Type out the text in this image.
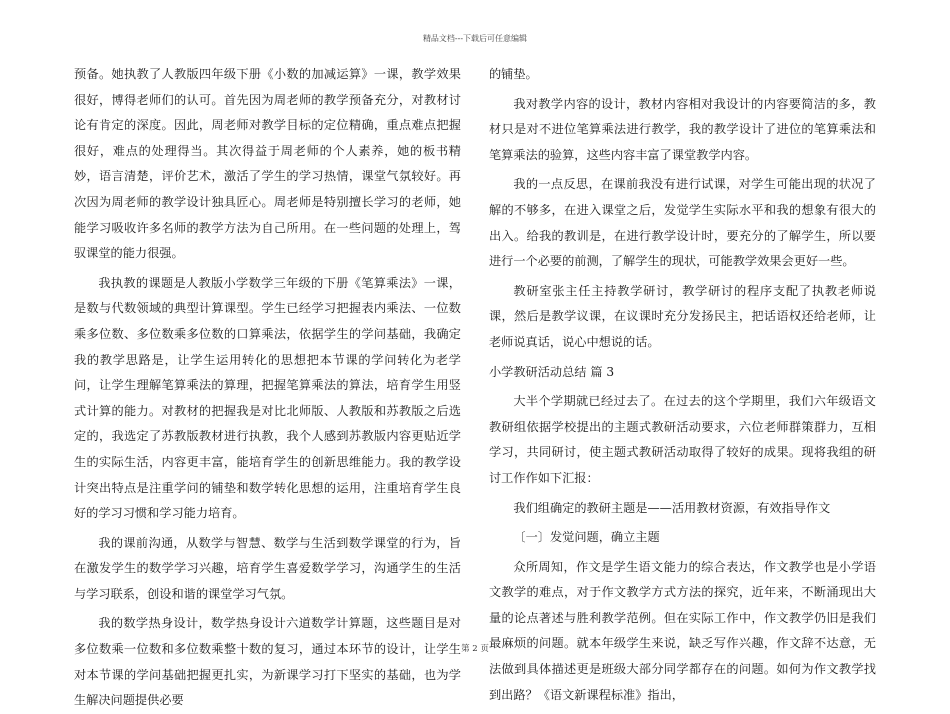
精品文档---下载后可任意编辑

预备。她执教了人教版四年级下册《小数的加减运算》一课，教学效果很好，博得老师们的认可。首先因为周老师的教学预备充分，对教材讨论有肯定的深度。因此，周老师对教学目标的定位精确，重点难点把握很好，难点的处理得当。其次得益于周老师的个人素养，她的板书精妙，语言清楚，评价艺术，激活了学生的学习热情，课堂气氛较好。再次因为周老师的教学设计独具匠心。周老师是特别擅长学习的老师，她能学习吸收许多名师的教学方法为自己所用。在一些问题的处理上，驾驭课堂的能力很强。

我执教的课题是人教版小学数学三年级的下册《笔算乘法》一课，是数与代数领域的典型计算课型。学生已经学习把握表内乘法、一位数乘多位数、多位数乘多位数的口算乘法，依据学生的学问基础，我确定我的教学思路是，让学生运用转化的思想把本节课的学问转化为老学问，让学生理解笔算乘法的算理，把握笔算乘法的算法，培育学生用竖式计算的能力。对教材的把握我是对比北师版、人教版和苏教版之后选定的，我选定了苏教版教材进行执教，我个人感到苏教版内容更贴近学生的实际生活，内容更丰富，能培育学生的创新思维能力。我的教学设计突出特点是注重学问的铺垫和数学转化思想的运用，注重培育学生良好的学习习惯和学习能力培育。

我的课前沟通，从数学与智慧、数学与生活到数学课堂的行为，旨在激发学生的数学学习兴趣，培育学生喜爱数学学习，沟通学生的生活与学习联系，创设和谐的课堂学习气氛。

我的数学热身设计，数学热身设计六道数学计算题，这些题目是对多位数乘一位数和多位数乘整十数的复习，通过本环节的设计，让学生对本节课的学问基础把握更扎实，为新课学习打下坚实的基础，也为学生解决问题提供必要

的铺垫。

我对教学内容的设计，教材内容相对我设计的内容要简洁的多，教材只是对不进位笔算乘法进行教学，我的教学设计了进位的笔算乘法和笔算乘法的验算，这些内容丰富了课堂教学内容。

我的一点反思，在课前我没有进行试课，对学生可能出现的状况了解的不够多，在进入课堂之后，发觉学生实际水平和我的想象有很大的出入。给我的教训是，在进行教学设计时，要充分的了解学生，所以要进行一个必要的前测，了解学生的现状，可能教学效果会更好一些。

教研室张主任主持教学研讨，教学研讨的程序支配了执教老师说课，然后是教学议课，在议课时充分发扬民主，把话语权还给老师，让老师说真话，说心中想说的话。

小学教研活动总结 篇 3

大半个学期就已经过去了。在过去的这个学期里，我们六年级语文教研组依据学校提出的主题式教研活动要求，六位老师群策群力，互相学习，共同研讨，使主题式教研活动取得了较好的成果。现将我组的研讨工作作如下汇报：

我们组确定的教研主题是——活用教材资源，有效指导作文

〔一〕发觉问题，确立主题

众所周知，作文是学生语文能力的综合表达，作文教学也是小学语文教学的难点，对于作文教学方式方法的探究，近年来，不断涌现出大量的论点著述与胜利教学范例。但在实际工作中，作文教学仍旧是我们最麻烦的问题。就本年级学生来说，缺乏写作兴趣，作文辞不达意，无法做到具体描述更是班级大部分同学都存在的问题。如何为作文教学找到出路？《语文新课程标准》指出，

第 2 页
